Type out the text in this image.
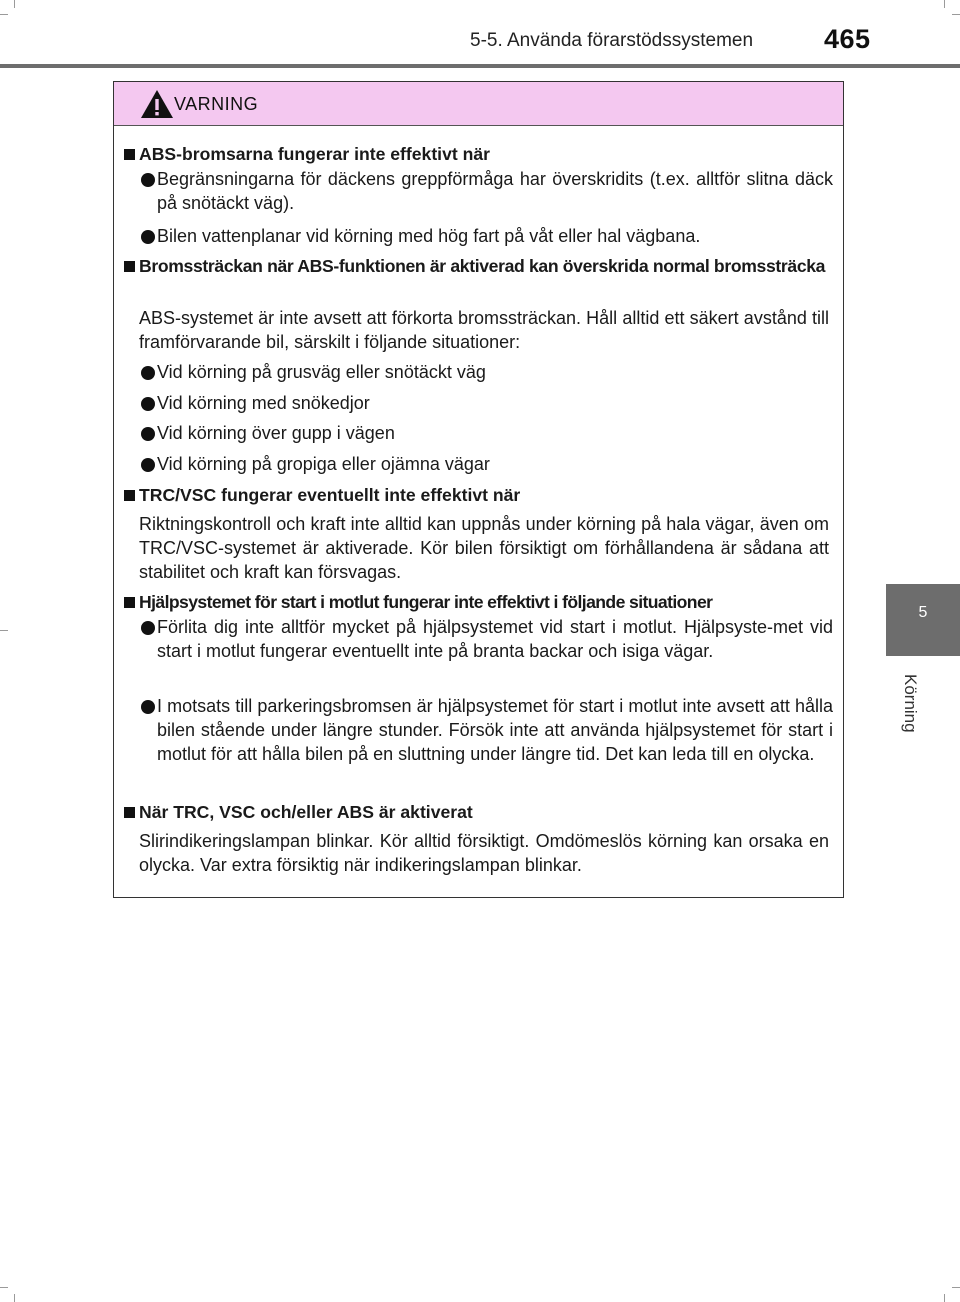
5-5. Använda förarstödssystemen	465
5
Körning
VARNING
ABS-bromsarna fungerar inte effektivt när
Begränsningarna för däckens greppförmåga har överskridits (t.ex. alltför slitna däck på snötäckt väg).
Bilen vattenplanar vid körning med hög fart på våt eller hal vägbana.
Bromssträckan när ABS-funktionen är aktiverad kan överskrida normal bromssträcka
ABS-systemet är inte avsett att förkorta bromssträckan. Håll alltid ett säkert avstånd till framförvarande bil, särskilt i följande situationer:
Vid körning på grusväg eller snötäckt väg
Vid körning med snökedjor
Vid körning över gupp i vägen
Vid körning på gropiga eller ojämna vägar
TRC/VSC fungerar eventuellt inte effektivt när
Riktningskontroll och kraft inte alltid kan uppnås under körning på hala vägar, även om TRC/VSC-systemet är aktiverade. Kör bilen försiktigt om förhållandena är sådana att stabilitet och kraft kan försvagas.
Hjälpsystemet för start i motlut fungerar inte effektivt i följande situationer
Förlita dig inte alltför mycket på hjälpsystemet vid start i motlut. Hjälpsyste-met vid start i motlut fungerar eventuellt inte på branta backar och isiga vägar.
I motsats till parkeringsbromsen är hjälpsystemet för start i motlut inte avsett att hålla bilen stående under längre stunder. Försök inte att använda hjälpsystemet för start i motlut för att hålla bilen på en sluttning under längre tid. Det kan leda till en olycka.
När TRC, VSC och/eller ABS är aktiverat
Slirindikeringslampan blinkar. Kör alltid försiktigt. Omdömeslös körning kan orsaka en olycka. Var extra försiktig när indikeringslampan blinkar.
